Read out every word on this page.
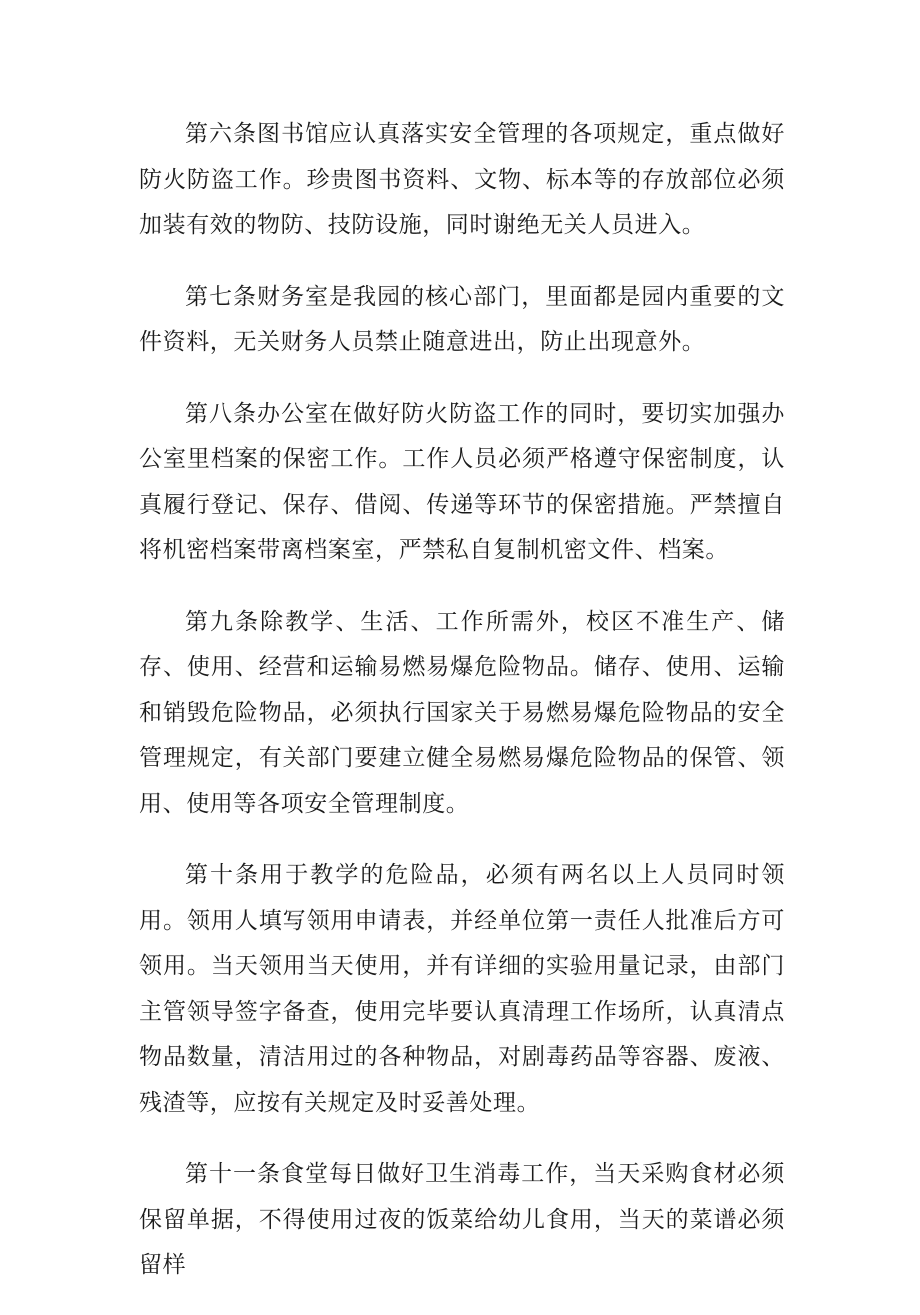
第六条图书馆应认真落实安全管理的各项规定，重点做好防火防盗工作。珍贵图书资料、文物、标本等的存放部位必须加装有效的物防、技防设施，同时谢绝无关人员进入。

第七条财务室是我园的核心部门，里面都是园内重要的文件资料，无关财务人员禁止随意进出，防止出现意外。

第八条办公室在做好防火防盗工作的同时，要切实加强办公室里档案的保密工作。工作人员必须严格遵守保密制度，认真履行登记、保存、借阅、传递等环节的保密措施。严禁擅自将机密档案带离档案室，严禁私自复制机密文件、档案。

第九条除教学、生活、工作所需外，校区不准生产、储存、使用、经营和运输易燃易爆危险物品。储存、使用、运输和销毁危险物品，必须执行国家关于易燃易爆危险物品的安全管理规定，有关部门要建立健全易燃易爆危险物品的保管、领用、使用等各项安全管理制度。

第十条用于教学的危险品，必须有两名以上人员同时领用。领用人填写领用申请表，并经单位第一责任人批准后方可领用。当天领用当天使用，并有详细的实验用量记录，由部门主管领导签字备查，使用完毕要认真清理工作场所，认真清点物品数量，清洁用过的各种物品，对剧毒药品等容器、废液、残渣等，应按有关规定及时妥善处理。

第十一条食堂每日做好卫生消毒工作，当天采购食材必须保留单据，不得使用过夜的饭菜给幼儿食用，当天的菜谱必须留样
